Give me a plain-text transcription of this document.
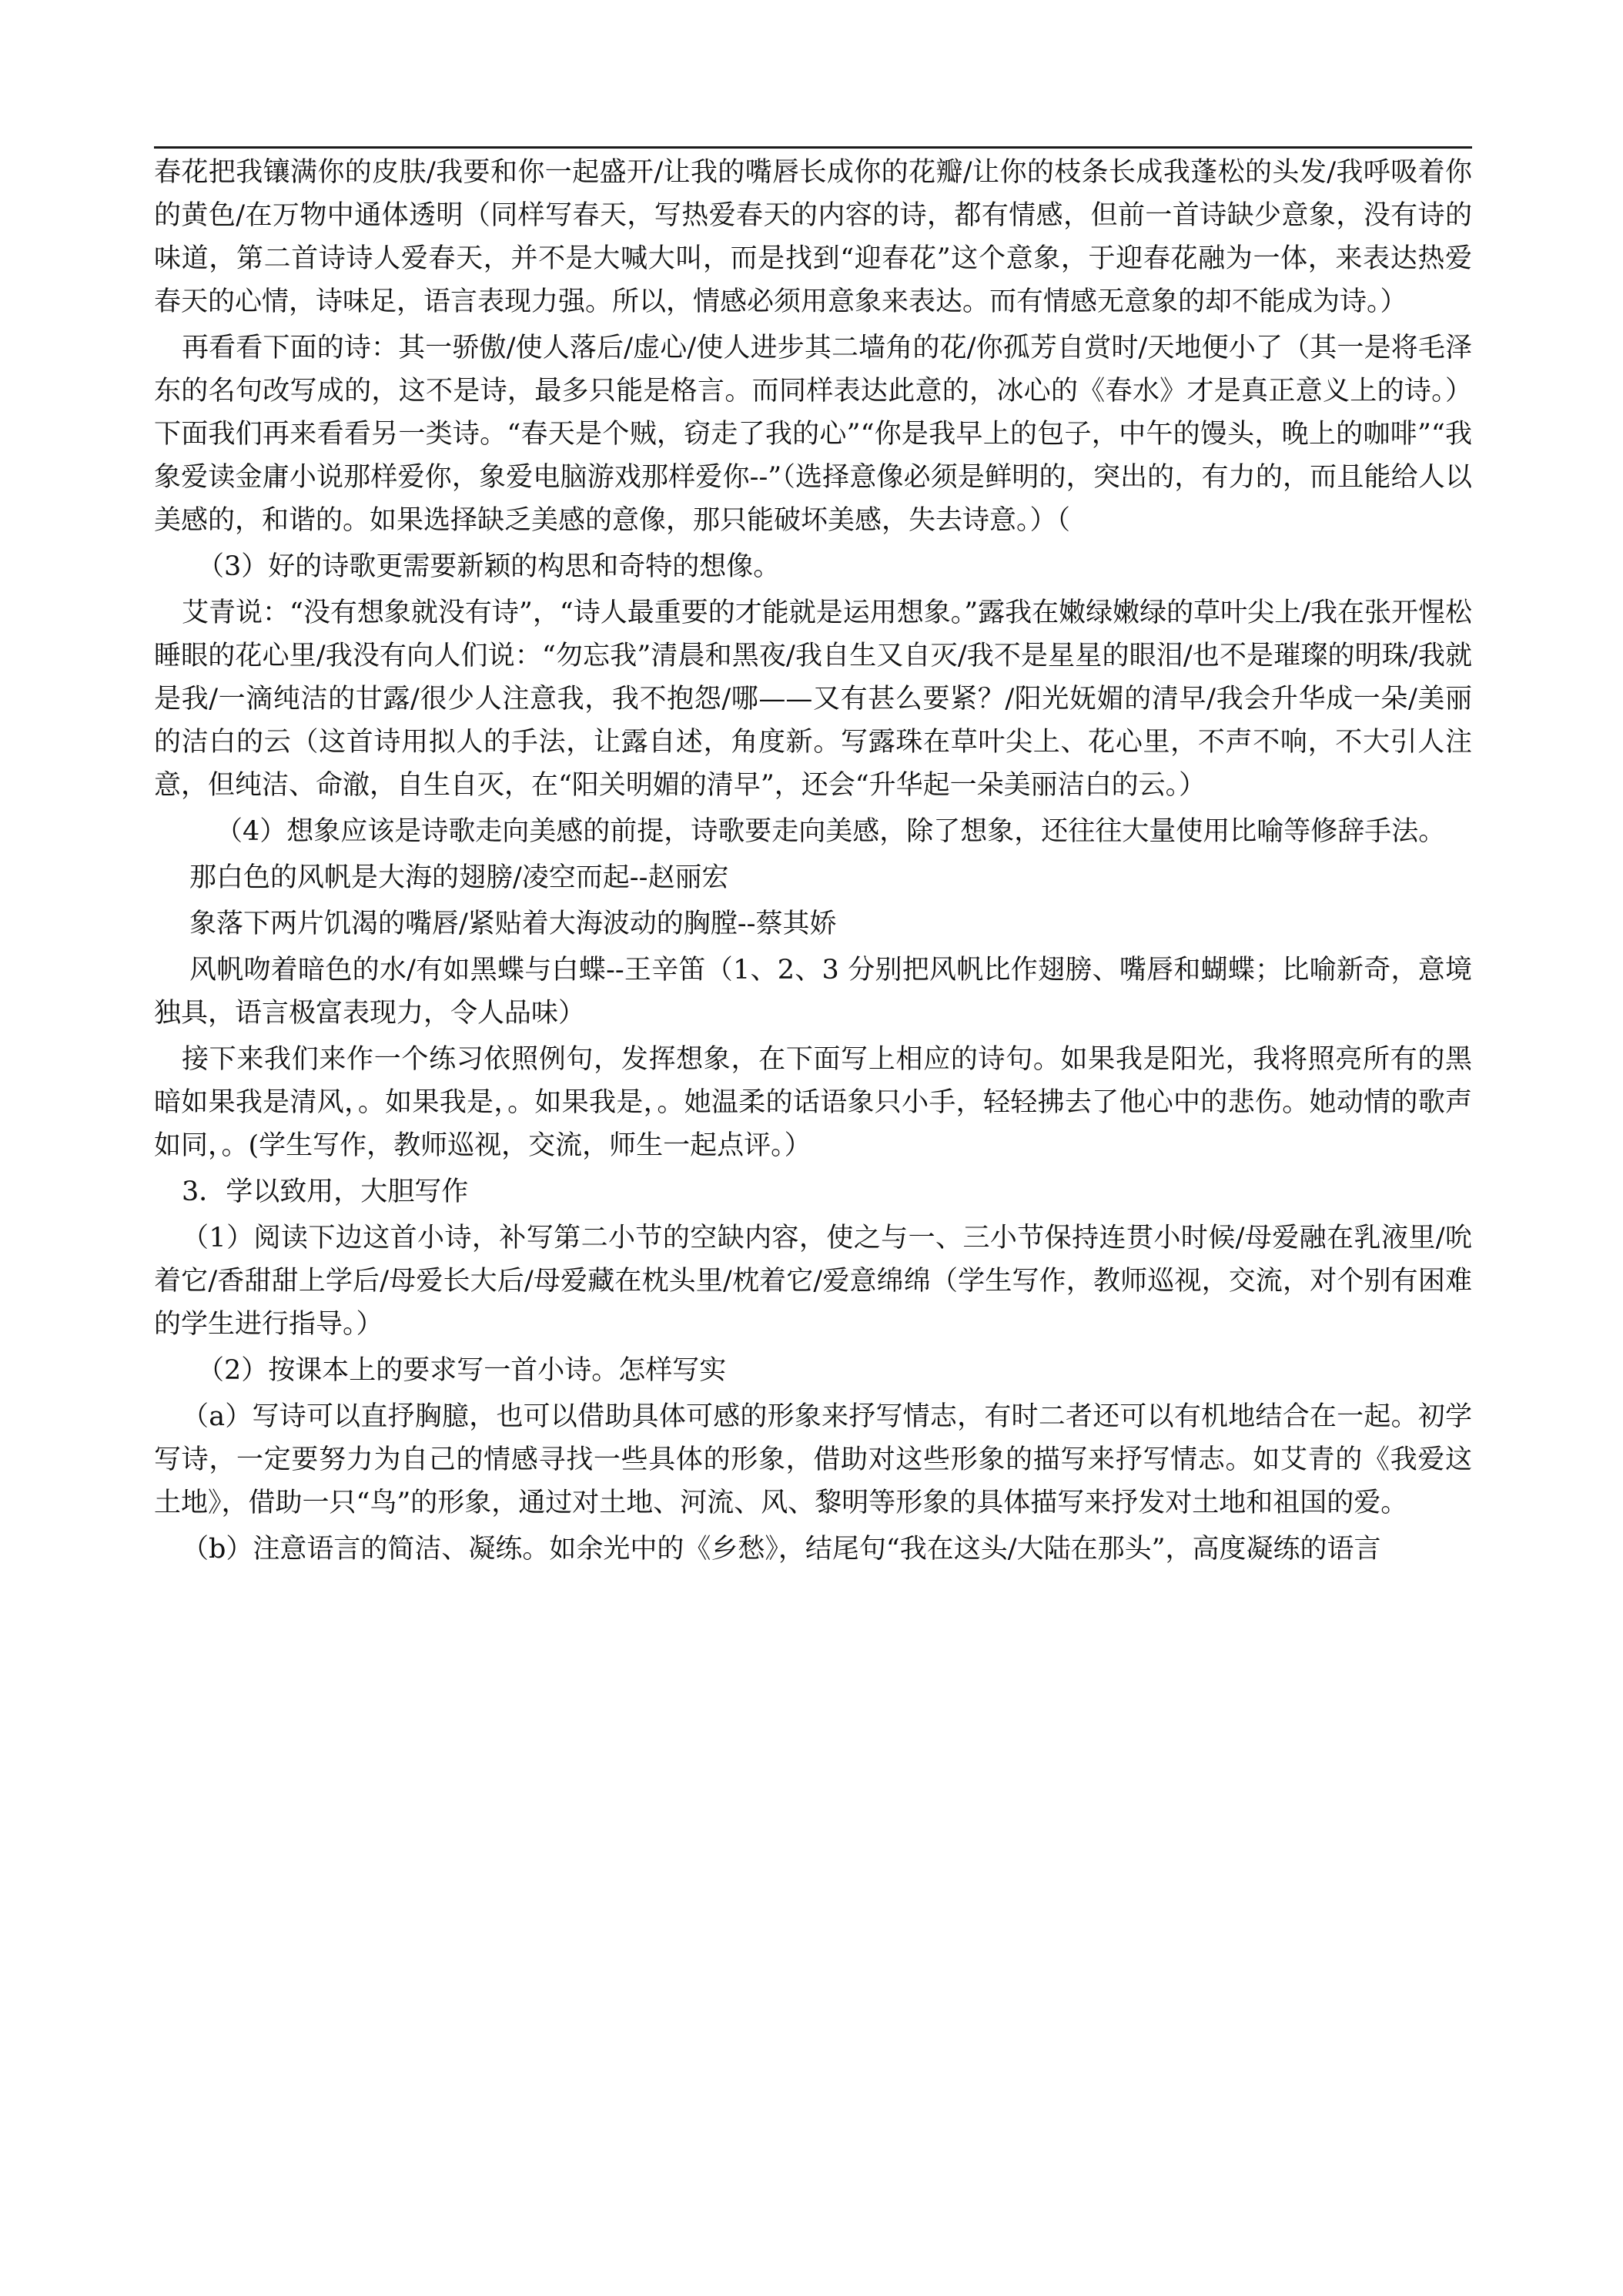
春花把我镶满你的皮肤/我要和你一起盛开/让我的嘴唇长成你的花瓣/让你的枝条长成我蓬松的头发/我呼吸着你的黄色/在万物中通体透明（同样写春天，写热爱春天的内容的诗，都有情感，但前一首诗缺少意象，没有诗的味道，第二首诗诗人爱春天，并不是大喊大叫，而是找到“迎春花”这个意象，于迎春花融为一体，来表达热爱春天的心情，诗味足，语言表现力强。所以，情感必须用意象来表达。而有情感无意象的却不能成为诗。）

再看看下面的诗：其一骄傲/使人落后/虚心/使人进步其二墙角的花/你孤芳自赏时/天地便小了（其一是将毛泽东的名句改写成的，这不是诗，最多只能是格言。而同样表达此意的，冰心的《春水》才是真正意义上的诗。）下面我们再来看看另一类诗。“春天是个贼，窃走了我的心”“你是我早上的包子，中午的馒头，晚上的咖啡”“我象爱读金庸小说那样爱你，象爱电脑游戏那样爱你--”（选择意像必须是鲜明的，突出的，有力的，而且能给人以美感的，和谐的。如果选择缺乏美感的意像，那只能破坏美感，失去诗意。）（

（3）好的诗歌更需要新颖的构思和奇特的想像。

艾青说：“没有想象就没有诗”，“诗人最重要的才能就是运用想象。”露我在嫩绿嫩绿的草叶尖上/我在张开惺松睡眼的花心里/我没有向人们说：“勿忘我”清晨和黑夜/我自生又自灭/我不是星星的眼泪/也不是璀璨的明珠/我就是我/一滴纯洁的甘露/很少人注意我，我不抱怨/哪——又有甚么要紧？/阳光妩媚的清早/我会升华成一朵/美丽的洁白的云（这首诗用拟人的手法，让露自述，角度新。写露珠在草叶尖上、花心里，不声不响，不大引人注意，但纯洁、命澈，自生自灭，在“阳关明媚的清早”，还会“升华起一朵美丽洁白的云。）

（4）想象应该是诗歌走向美感的前提，诗歌要走向美感，除了想象，还往往大量使用比喻等修辞手法。

那白色的风帆是大海的翅膀/凌空而起--赵丽宏

象落下两片饥渴的嘴唇/紧贴着大海波动的胸膛--蔡其娇

风帆吻着暗色的水/有如黑蝶与白蝶--王辛笛（1、2、3 分别把风帆比作翅膀、嘴唇和蝴蝶；比喻新奇，意境独具，语言极富表现力，令人品味）

接下来我们来作一个练习依照例句，发挥想象，在下面写上相应的诗句。如果我是阳光，我将照亮所有的黑暗如果我是清风，。如果我是，。如果我是，。她温柔的话语象只小手，轻轻拂去了他心中的悲伤。她动情的歌声如同，。(学生写作，教师巡视，交流，师生一起点评。）

3．学以致用，大胆写作

（1）阅读下边这首小诗，补写第二小节的空缺内容，使之与一、三小节保持连贯小时候/母爱融在乳液里/吮着它/香甜甜上学后/母爱长大后/母爱藏在枕头里/枕着它/爱意绵绵（学生写作，教师巡视，交流，对个别有困难的学生进行指导。）

（2）按课本上的要求写一首小诗。怎样写实

（a）写诗可以直抒胸臆，也可以借助具体可感的形象来抒写情志，有时二者还可以有机地结合在一起。初学写诗，一定要努力为自己的情感寻找一些具体的形象，借助对这些形象的描写来抒写情志。如艾青的《我爱这土地》，借助一只“鸟”的形象，通过对土地、河流、风、黎明等形象的具体描写来抒发对土地和祖国的爱。

（b）注意语言的简洁、凝练。如余光中的《乡愁》，结尾句“我在这头/大陆在那头”，高度凝练的语言
